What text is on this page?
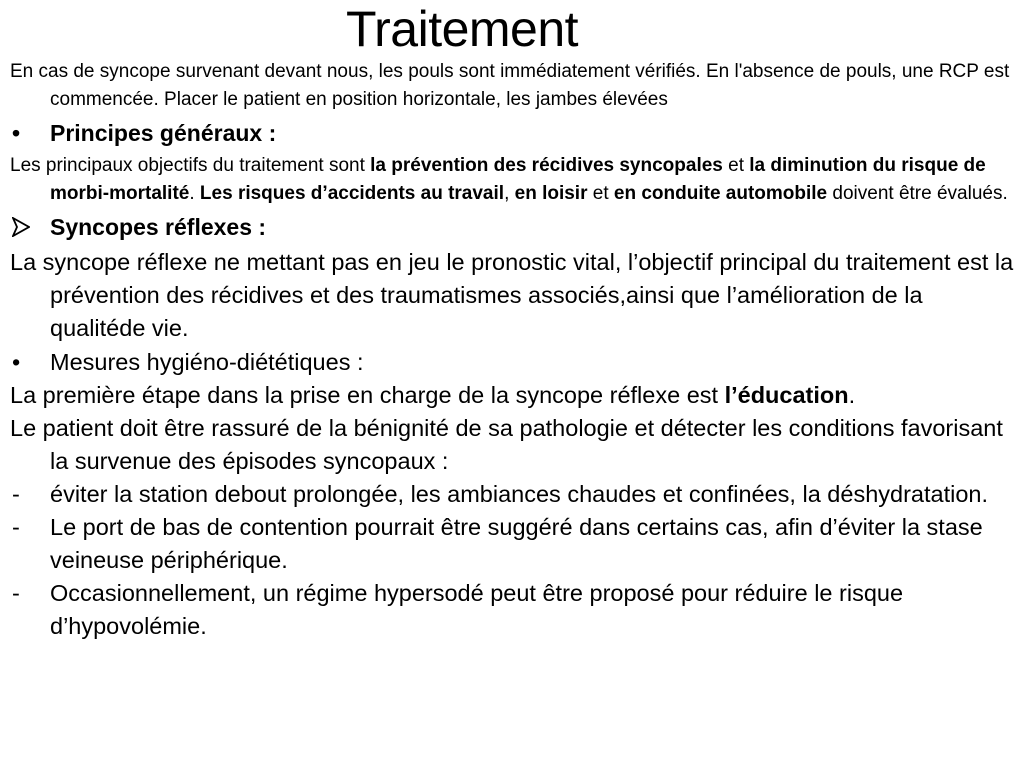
Traitement

En cas de syncope survenant devant nous, les pouls sont immédiatement vérifiés. En l'absence de pouls, une RCP est commencée. Placer le patient en position horizontale, les jambes élevées

• Principes généraux :

Les principaux objectifs du traitement sont la prévention des récidives syncopales et la diminution du risque de morbi-mortalité. Les risques d’accidents au travail, en loisir et en conduite automobile doivent être évalués.

Syncopes réflexes :

La syncope réflexe ne mettant pas en jeu le pronostic vital, l’objectif principal du traitement est la prévention des récidives et des traumatismes associés,ainsi que l’amélioration de la qualitéde vie.

• Mesures hygiéno-diététiques :

La première étape dans la prise en charge de la syncope réflexe est l’éducation.

Le patient doit être rassuré de la bénignité de sa pathologie et détecter les conditions favorisant la survenue des épisodes syncopaux :

- éviter la station debout prolongée, les ambiances chaudes et confinées, la déshydratation.

- Le port de bas de contention pourrait être suggéré dans certains cas, afin d’éviter la stase veineuse périphérique.

- Occasionnellement, un régime hypersodé peut être proposé pour réduire le risque d’hypovolémie.
